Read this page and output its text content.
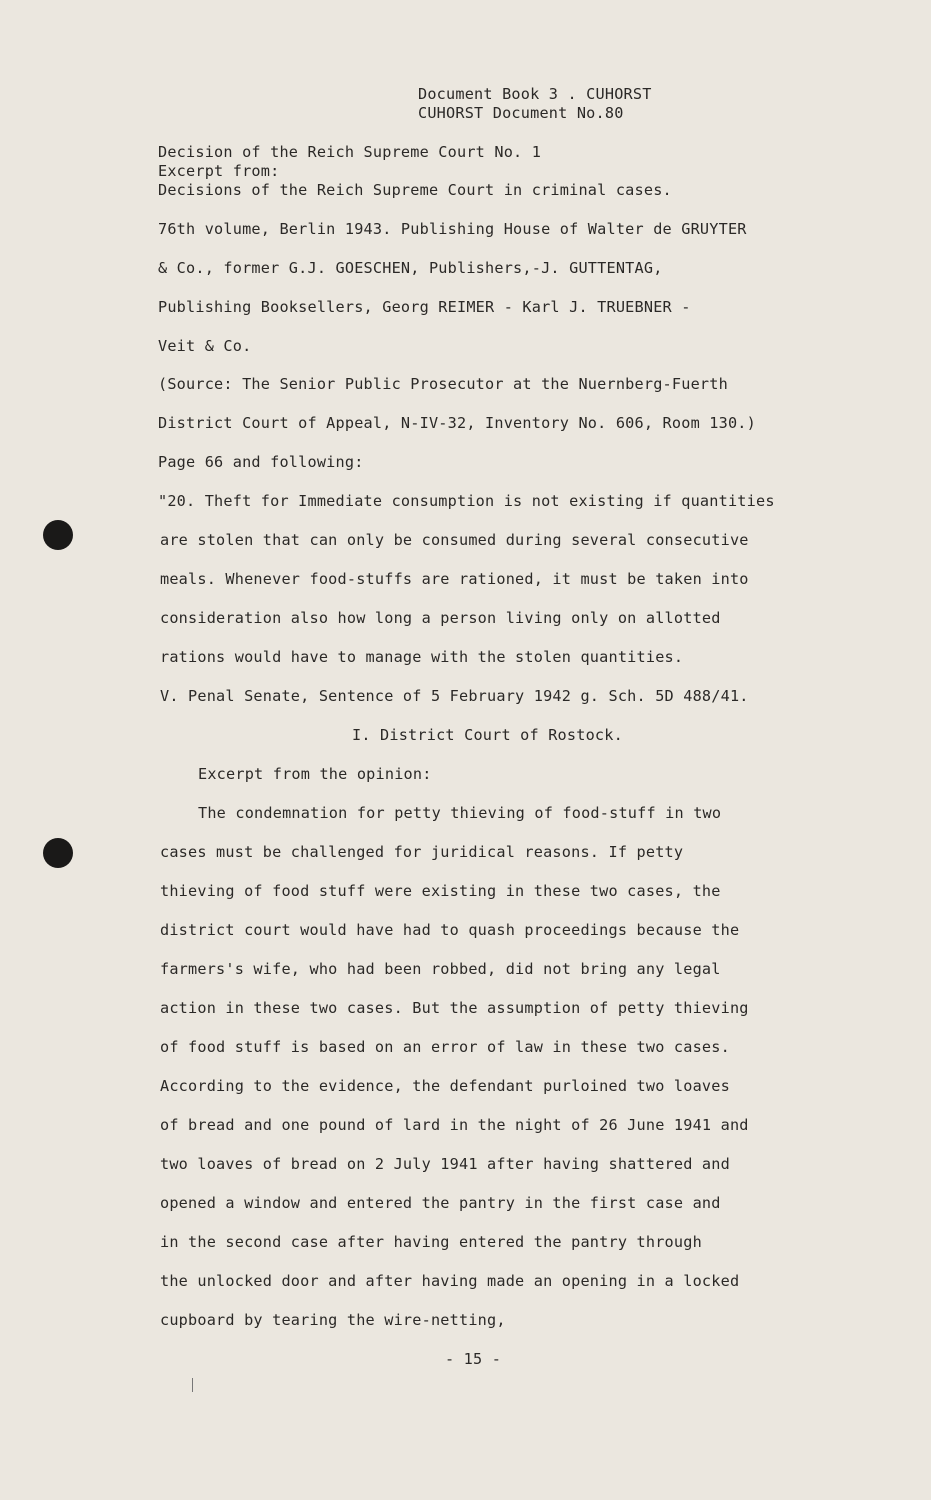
Document Book 3 . CUHORST
CUHORST Document No.80
Decision of the Reich Supreme Court No. 1
Excerpt from:
Decisions of the Reich Supreme Court in criminal cases.
76th volume, Berlin 1943. Publishing House of Walter de GRUYTER
& Co., former G.J. GOESCHEN, Publishers,-J. GUTTENTAG,
Publishing Booksellers, Georg REIMER - Karl J. TRUEBNER -
Veit & Co.
(Source: The Senior Public Prosecutor at the Nuernberg-Fuerth
District Court of Appeal, N-IV-32, Inventory No. 606, Room 130.)
Page 66 and following:
"20. Theft for Immediate consumption is not existing if quantities
are stolen that can only be consumed during several consecutive
meals. Whenever food-stuffs are rationed, it must be taken into
consideration also how long a person living only on allotted
rations would have to manage with the stolen quantities.
V. Penal Senate, Sentence of 5 February 1942 g. Sch. 5D 488/41.
I. District Court of Rostock.
Excerpt from the opinion:
The condemnation for petty thieving of food-stuff in two
cases must be challenged for juridical reasons. If petty
thieving of food stuff were existing in these two cases, the
district court would have had to quash proceedings because the
farmers's wife, who had been robbed, did not bring any legal
action in these two cases. But the assumption of petty thieving
of food stuff is based on an error of law in these two cases.
According to the evidence, the defendant purloined two loaves
of bread and one pound of lard in the night of 26 June 1941 and
two loaves of bread on 2 July 1941 after having shattered and
opened a window and entered the pantry in the first case and
in the second case after having entered the pantry through
the unlocked door and after having made an opening in a locked
cupboard by tearing the wire-netting,
- 15 -
